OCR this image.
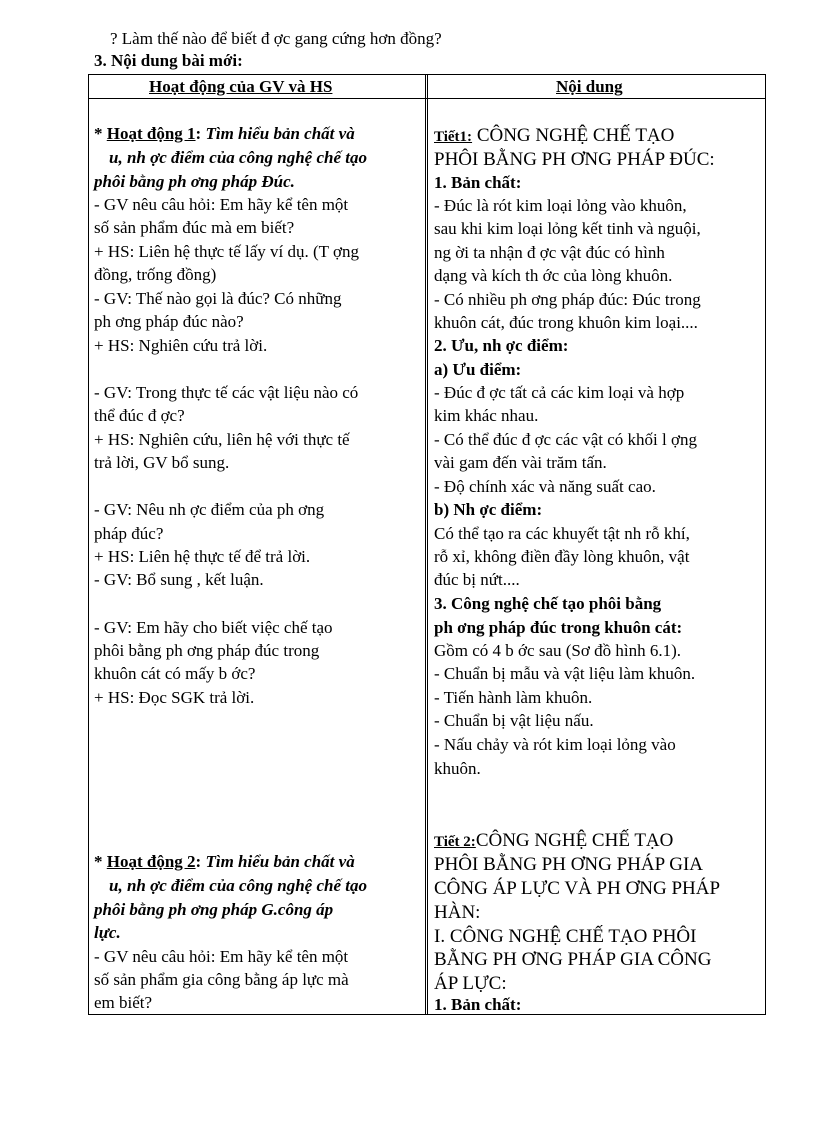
? Làm thế nào để biết đ ợc gang cứng hơn đồng?
3. Nội dung bài mới:
Hoạt động của GV và HS	Nội dung
* Hoạt động 1: Tìm hiểu bản chất và
u, nh ợc điểm của công nghệ chế tạo
phôi bằng ph ơng pháp Đúc.
- GV nêu câu hỏi: Em hãy kể tên một
số sản phẩm đúc mà em biết?
+ HS: Liên hệ thực tế lấy ví dụ. (T ợng
đồng, trống đồng)
- GV: Thế nào gọi là đúc? Có những
ph ơng pháp đúc nào?
+ HS: Nghiên cứu trả lời.
- GV: Trong thực tế các vật liệu nào có
thể đúc đ ợc?
+ HS: Nghiên cứu, liên hệ với thực tế
trả lời, GV bổ sung.
- GV: Nêu nh ợc điểm của ph ơng
pháp đúc?
+ HS: Liên hệ thực tế để trả lời.
- GV: Bổ sung , kết luận.
- GV: Em hãy cho biết việc chế tạo
phôi bằng ph ơng pháp đúc trong
khuôn cát có mấy b ớc?
+ HS: Đọc SGK trả lời.
* Hoạt động 2: Tìm hiểu bản chất và
u, nh ợc điểm của công nghệ chế tạo
phôi bằng ph ơng pháp G.công áp
lực.
- GV nêu câu hỏi: Em hãy kể tên một
số sản phẩm gia công bằng áp lực mà
em biết?
Tiết1: CÔNG NGHỆ CHẾ TẠO
PHÔI BẰNG PH ƠNG PHÁP ĐÚC:
1. Bản chất:
- Đúc là rót kim loại lỏng vào khuôn,
sau khi kim loại lỏng kết tinh và nguội,
ng ời ta nhận đ ợc vật đúc có hình
dạng và kích th ớc của lòng khuôn.
- Có nhiều ph ơng pháp đúc: Đúc trong
khuôn cát, đúc trong khuôn kim loại....
2. Ưu, nh ợc điểm:
a) Ưu điểm:
- Đúc đ ợc tất cả các kim loại và hợp
kim khác nhau.
- Có thể đúc đ ợc các vật có khối l ợng
vài gam đến vài trăm tấn.
- Độ chính xác và năng suất cao.
b) Nh ợc điểm:
Có thể tạo ra các khuyết tật nh rỗ khí,
rỗ xỉ, không điền đầy lòng khuôn, vật
đúc bị nứt....
3. Công nghệ chế tạo phôi bằng
ph ơng pháp đúc trong khuôn cát:
Gồm có 4 b ớc sau (Sơ đồ hình 6.1).
- Chuẩn bị mẫu và vật liệu làm khuôn.
- Tiến hành làm khuôn.
- Chuẩn bị vật liệu nấu.
- Nấu chảy và rót kim loại lỏng vào
khuôn.
Tiết 2:CÔNG NGHỆ CHẾ TẠO
PHÔI BẰNG PH ƠNG PHÁP GIA
CÔNG ÁP LỰC VÀ PH ƠNG PHÁP
HÀN:
I. CÔNG NGHỆ CHẾ TẠO PHÔI
BẰNG PH ƠNG PHÁP GIA CÔNG
ÁP LỰC:
1. Bản chất:
